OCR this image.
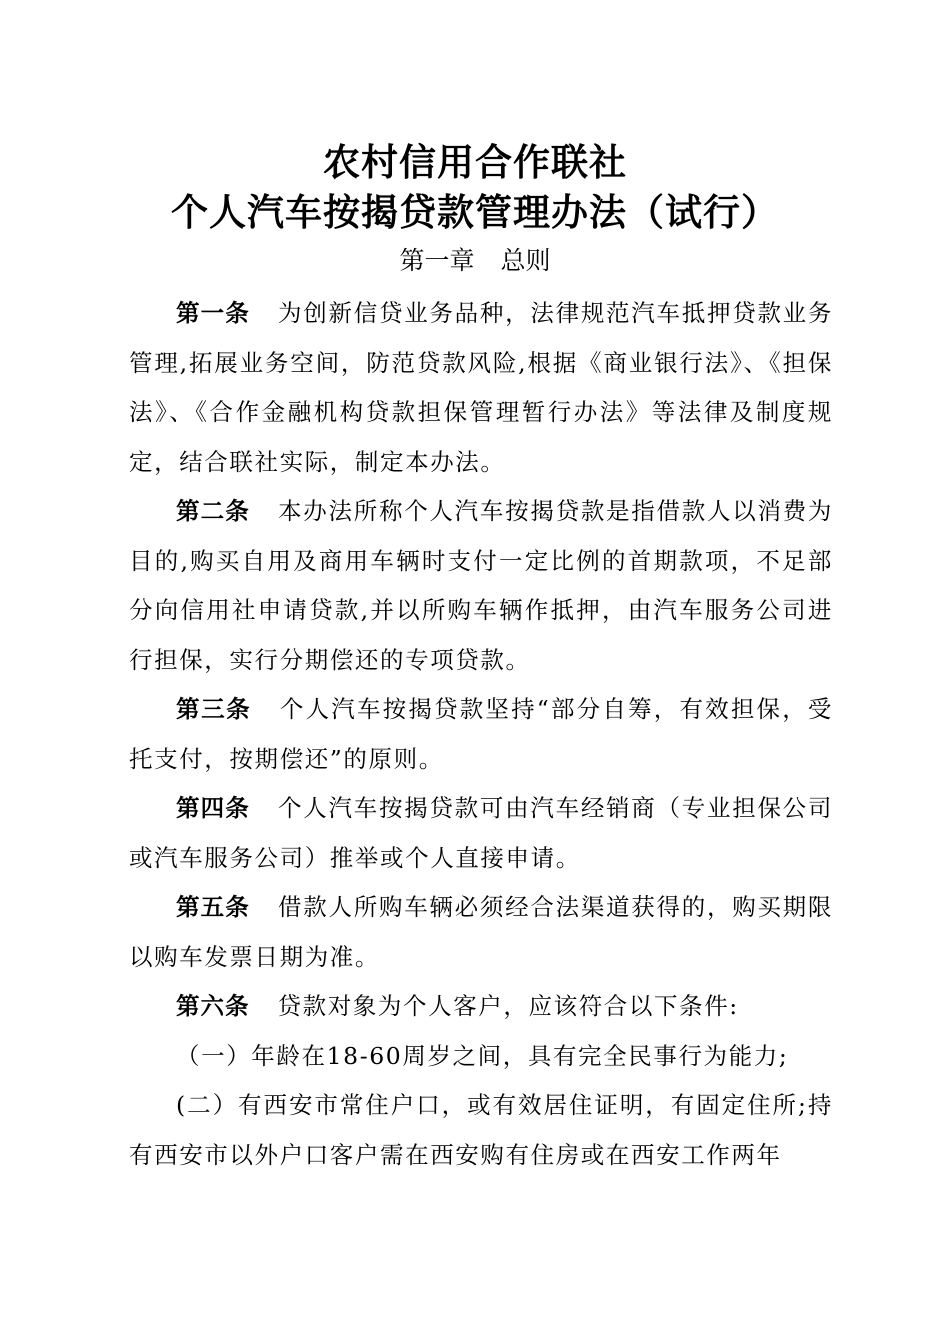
农村信用合作联社
个人汽车按揭贷款管理办法（试行）
第一章 总则

第一条 为创新信贷业务品种，法律规范汽车抵押贷款业务管理,拓展业务空间，防范贷款风险,根据《商业银行法》、《担保法》、《合作金融机构贷款担保管理暂行办法》等法律及制度规定，结合联社实际，制定本办法。

第二条 本办法所称个人汽车按揭贷款是指借款人以消费为目的,购买自用及商用车辆时支付一定比例的首期款项，不足部分向信用社申请贷款,并以所购车辆作抵押，由汽车服务公司进行担保，实行分期偿还的专项贷款。

第三条 个人汽车按揭贷款坚持“部分自筹，有效担保，受托支付，按期偿还”的原则。

第四条 个人汽车按揭贷款可由汽车经销商（专业担保公司或汽车服务公司）推举或个人直接申请。

第五条 借款人所购车辆必须经合法渠道获得的，购买期限以购车发票日期为准。

第六条 贷款对象为个人客户，应该符合以下条件:

（一）年龄在18-60周岁之间，具有完全民事行为能力;

(二）有西安市常住户口，或有效居住证明，有固定住所;持有西安市以外户口客户需在西安购有住房或在西安工作两年
